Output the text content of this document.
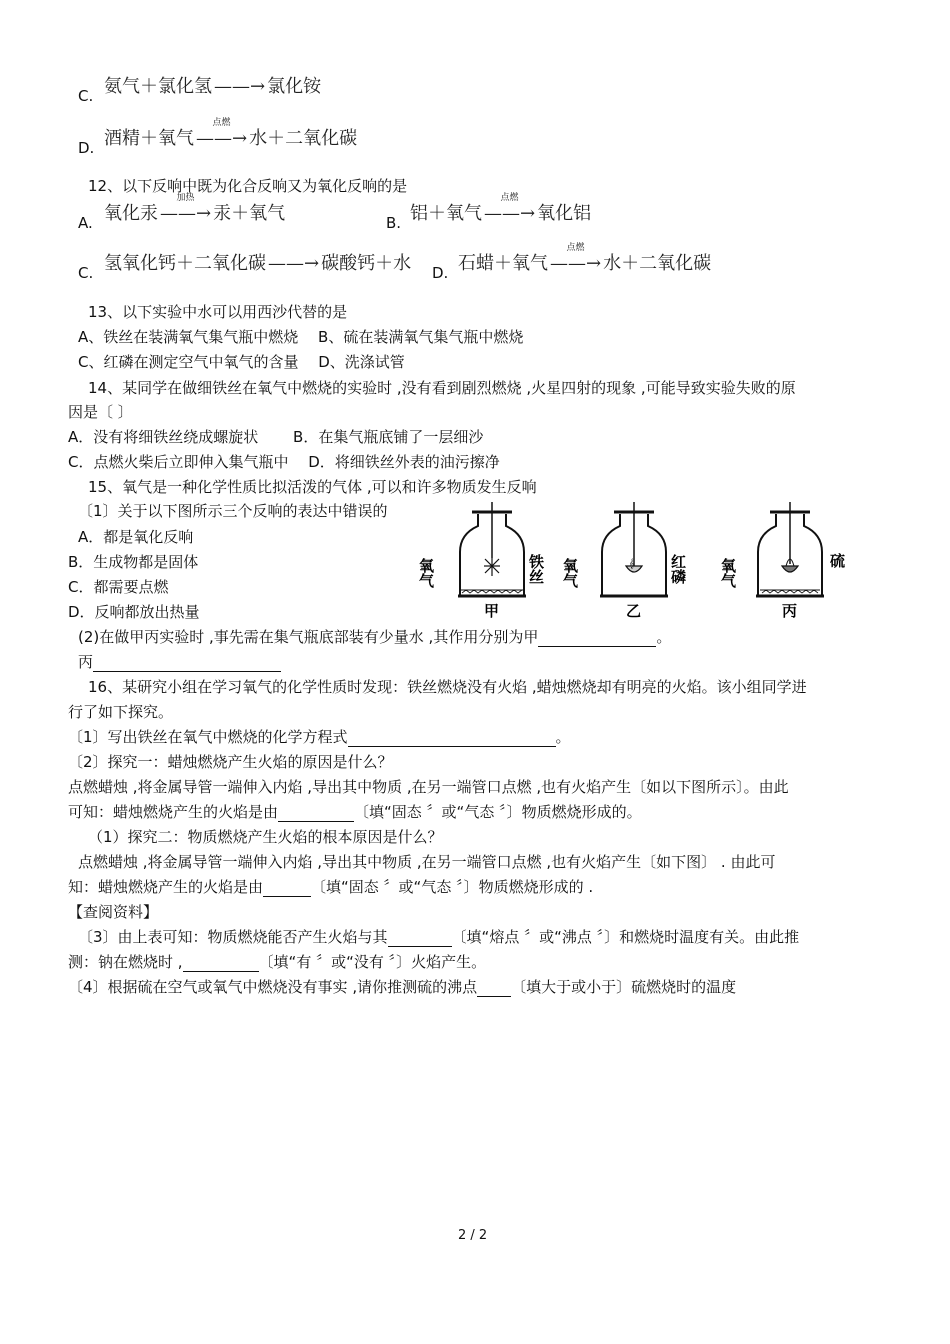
C. 氨气＋氯化氢 ——→ 氯化铵
D. 酒精＋氧气
点燃
——→ 水＋二氧化碳
12、以下反响中既为化合反响又为氧化反响的是
A. 氧化汞
加热
——→ 汞＋氧气	B. 铝＋氧气
点燃
——→ 氧化铝
C. 氢氧化钙＋二氧化碳 ——→ 碳酸钙＋水 D. 石蜡＋氧气
点燃
——→ 水＋二氧化碳
13、以下实验中水可以用西沙代替的是
A、铁丝在装满氧气集气瓶中燃烧　 B、硫在装满氧气集气瓶中燃烧
C、红磷在测定空气中氧气的含量　 D、洗涤试管
14、某同学在做细铁丝在氧气中燃烧的实验时 ,没有看到剧烈燃烧 ,火星四射的现象 ,可能导致实验失败的原
因是〔 〕
A．没有将细铁丝绕成螺旋状　　 B．在集气瓶底铺了一层细沙
C．点燃火柴后立即伸入集气瓶中　 D．将细铁丝外表的油污擦净
15、氧气是一种化学性质比拟活泼的气体 ,可以和许多物质发生反响
〔1〕关于以下图所示三个反响的表达中错误的
A．都是氧化反响
B．生成物都是固体
C．都需要点燃
D．反响都放出热量
氧气	铁丝
甲
𝄞
氧气	红磷
乙
氧气	硫
丙
(2)在做甲丙实验时 ,事先需在集气瓶底部装有少量水 ,其作用分别为甲	。
丙
16、某研究小组在学习氧气的化学性质时发现：铁丝燃烧没有火焰 ,蜡烛燃烧却有明亮的火焰。该小组同学进
行了如下探究。
〔1〕写出铁丝在氧气中燃烧的化学方程式	。
〔2〕探究一：蜡烛燃烧产生火焰的原因是什么？
点燃蜡烛 ,将金属导管一端伸入内焰 ,导出其中物质 ,在另一端管口点燃 ,也有火焰产生〔如以下图所示〕。由此
可知：蜡烛燃烧产生的火焰是由	〔填“固态 〞或“气态 〞〕物质燃烧形成的。
（1）探究二：物质燃烧产生火焰的根本原因是什么？
点燃蜡烛 ,将金属导管一端伸入内焰 ,导出其中物质 ,在另一端管口点燃 ,也有火焰产生〔如下图〕 . 由此可
知：蜡烛燃烧产生的火焰是由	〔填“固态 〞或“气态 〞〕物质燃烧形成的 .
【查阅资料】
〔3〕由上表可知：物质燃烧能否产生火焰与其	〔填“熔点 〞或“沸点 〞〕和燃烧时温度有关。由此推
测：钠在燃烧时 ,	〔填“有 〞或“没有 〞〕火焰产生。
〔4〕根据硫在空气或氧气中燃烧没有事实 ,请你推测硫的沸点 〔填大于或小于〕硫燃烧时的温度
2 / 2
